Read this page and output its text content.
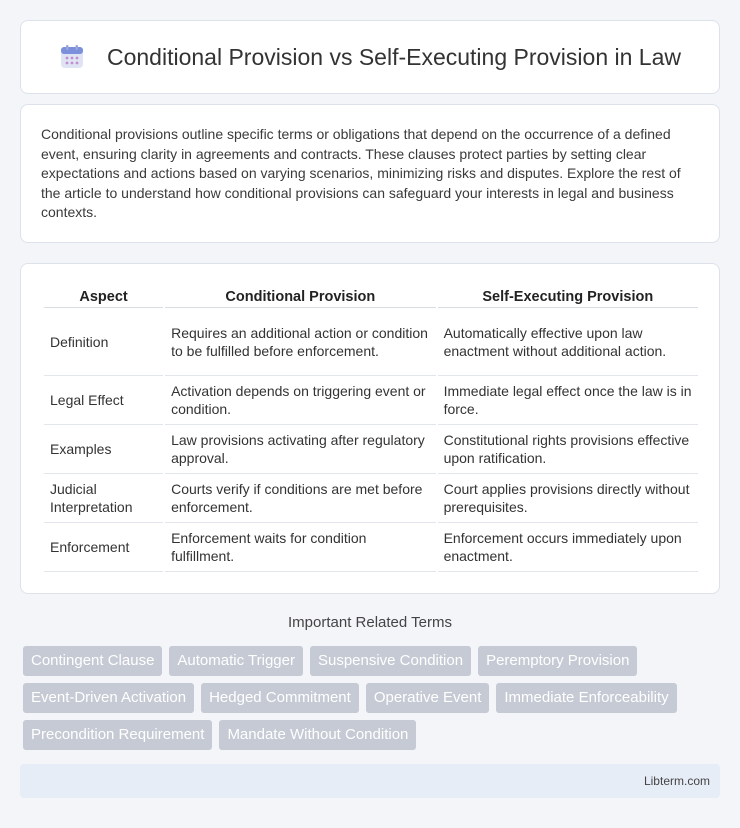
Conditional Provision vs Self-Executing Provision in Law

Conditional provisions outline specific terms or obligations that depend on the occurrence of a defined event, ensuring clarity in agreements and contracts. These clauses protect parties by setting clear expectations and actions based on varying scenarios, minimizing risks and disputes. Explore the rest of the article to understand how conditional provisions can safeguard your interests in legal and business contexts.

Aspect	Conditional Provision	Self-Executing Provision
Definition	Requires an additional action or condition to be fulfilled before enforcement.	Automatically effective upon law enactment without additional action.
Legal Effect	Activation depends on triggering event or condition.	Immediate legal effect once the law is in force.
Examples	Law provisions activating after regulatory approval.	Constitutional rights provisions effective upon ratification.
Judicial Interpretation	Courts verify if conditions are met before enforcement.	Court applies provisions directly without prerequisites.
Enforcement	Enforcement waits for condition fulfillment.	Enforcement occurs immediately upon enactment.
Important Related Terms
Contingent Clause	Automatic Trigger	Suspensive Condition	Peremptory Provision
Event-Driven Activation	Hedged Commitment	Operative Event	Immediate Enforceability
Precondition Requirement	Mandate Without Condition
Libterm.com
